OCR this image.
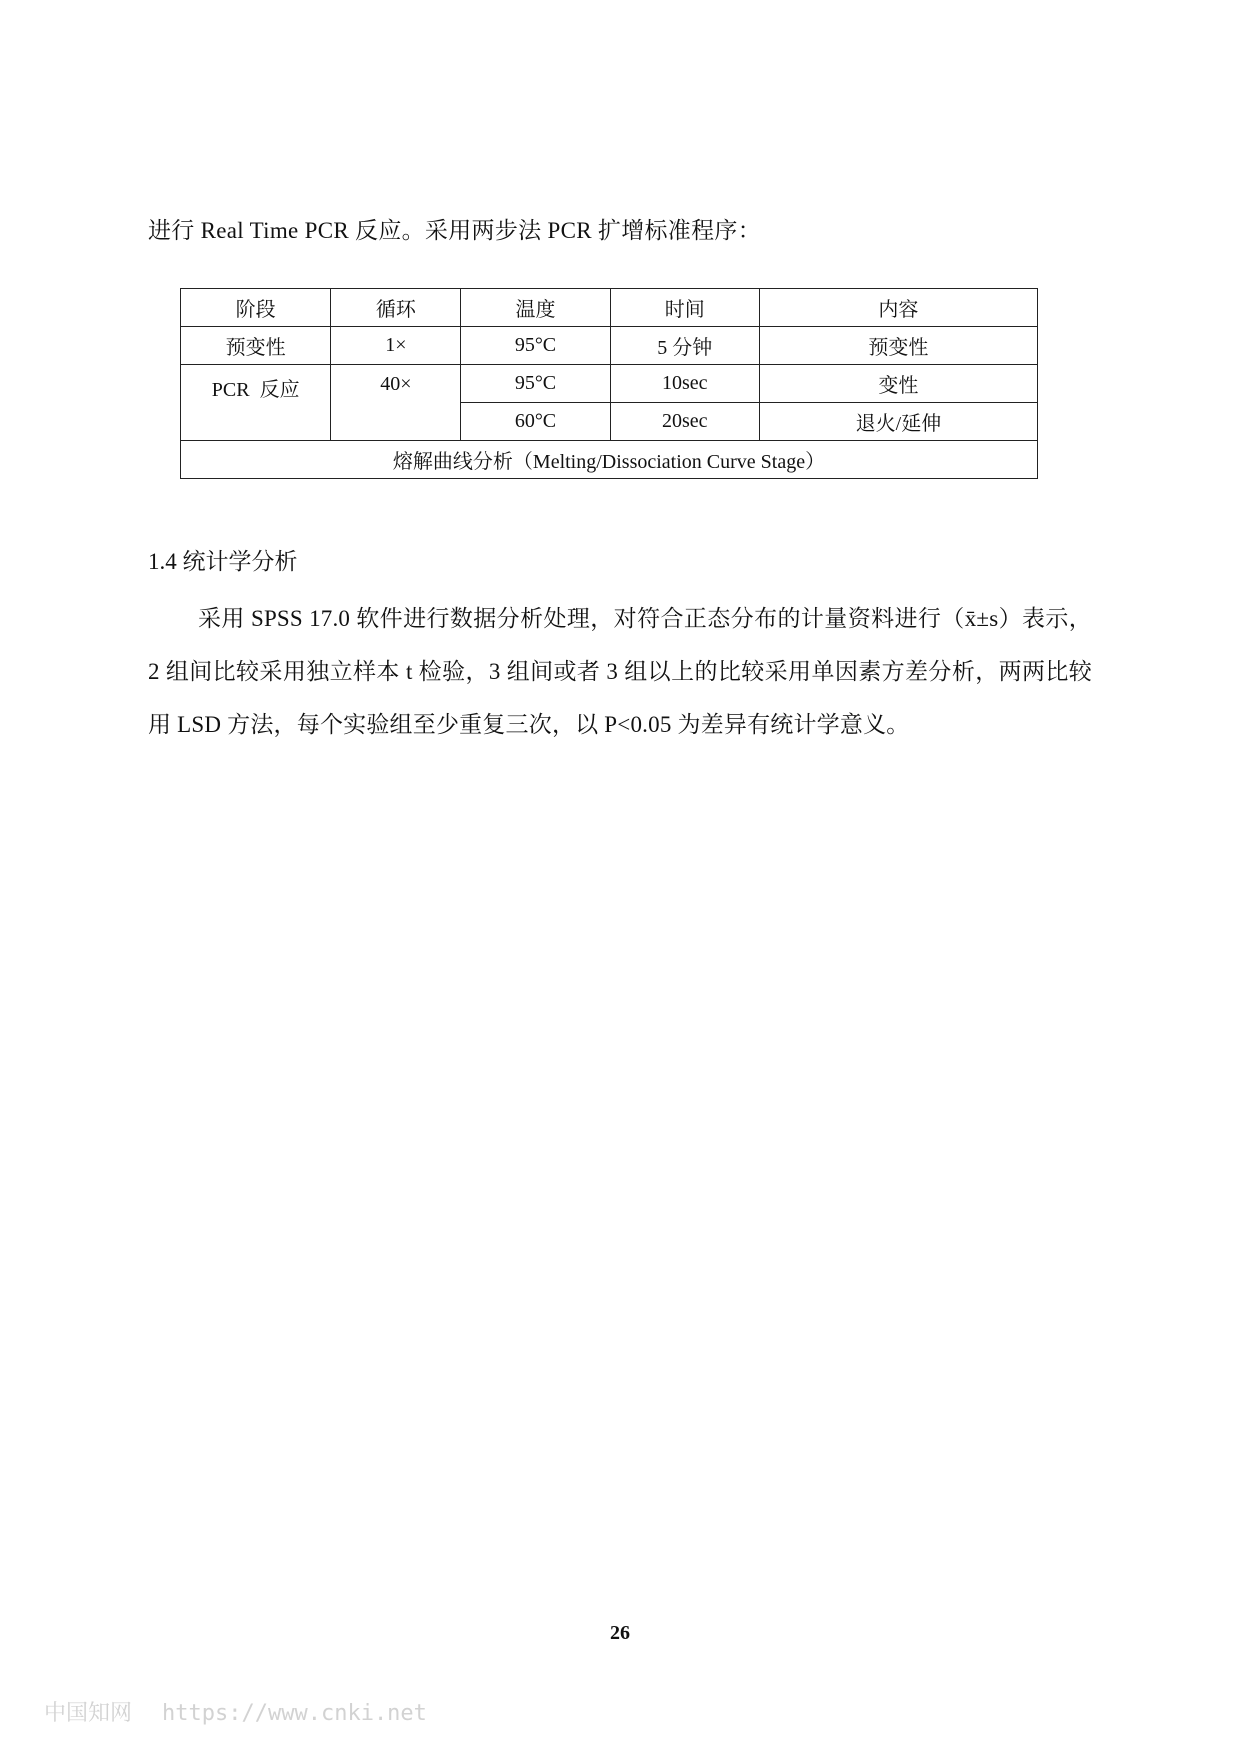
进行 Real Time PCR 反应。采用两步法 PCR 扩增标准程序：

阶段	循环	温度	时间	内容
预变性	1×	95°C	5 分钟	预变性
PCR  反应	40×	95°C	10sec	变性
		60°C	20sec	退火/延伸
熔解曲线分析（Melting/Dissociation Curve Stage）				
1.4 统计学分析

采用 SPSS 17.0 软件进行数据分析处理，对符合正态分布的计量资料进行（x̄±s）表示，2 组间比较采用独立样本 t 检验，3 组间或者 3 组以上的比较采用单因素方差分析，两两比较用 LSD 方法，每个实验组至少重复三次，以 P<0.05 为差异有统计学意义。

26
中国知网 https://www.cnki.net
